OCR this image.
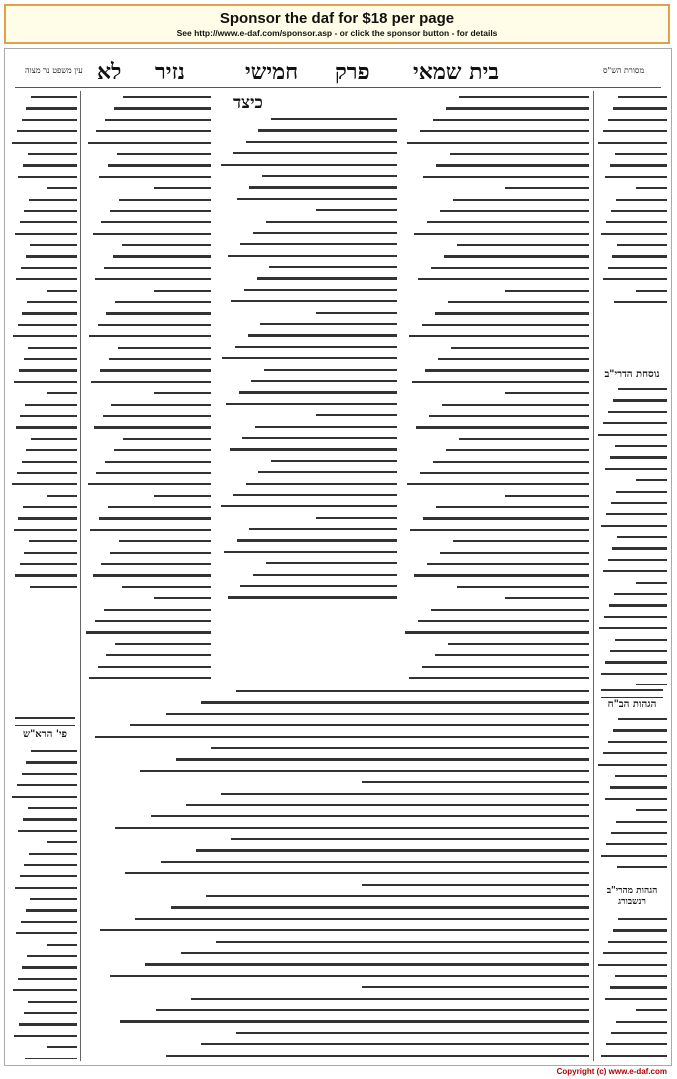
Sponsor the daf for $18 per page
See http://www.e-daf.com/sponsor.asp - or click the sponsor button - for details
לא נזיר	חמישי פרק בית שמאי
עין משפט נר מצוה	מסורת הש"ס
פי' הרא"ש
כיצד
נוסחת הדרי"ב
הגהות הב"ח
הגהות מהרי"ב רנשבורג
Copyright (c) www.e-daf.com
